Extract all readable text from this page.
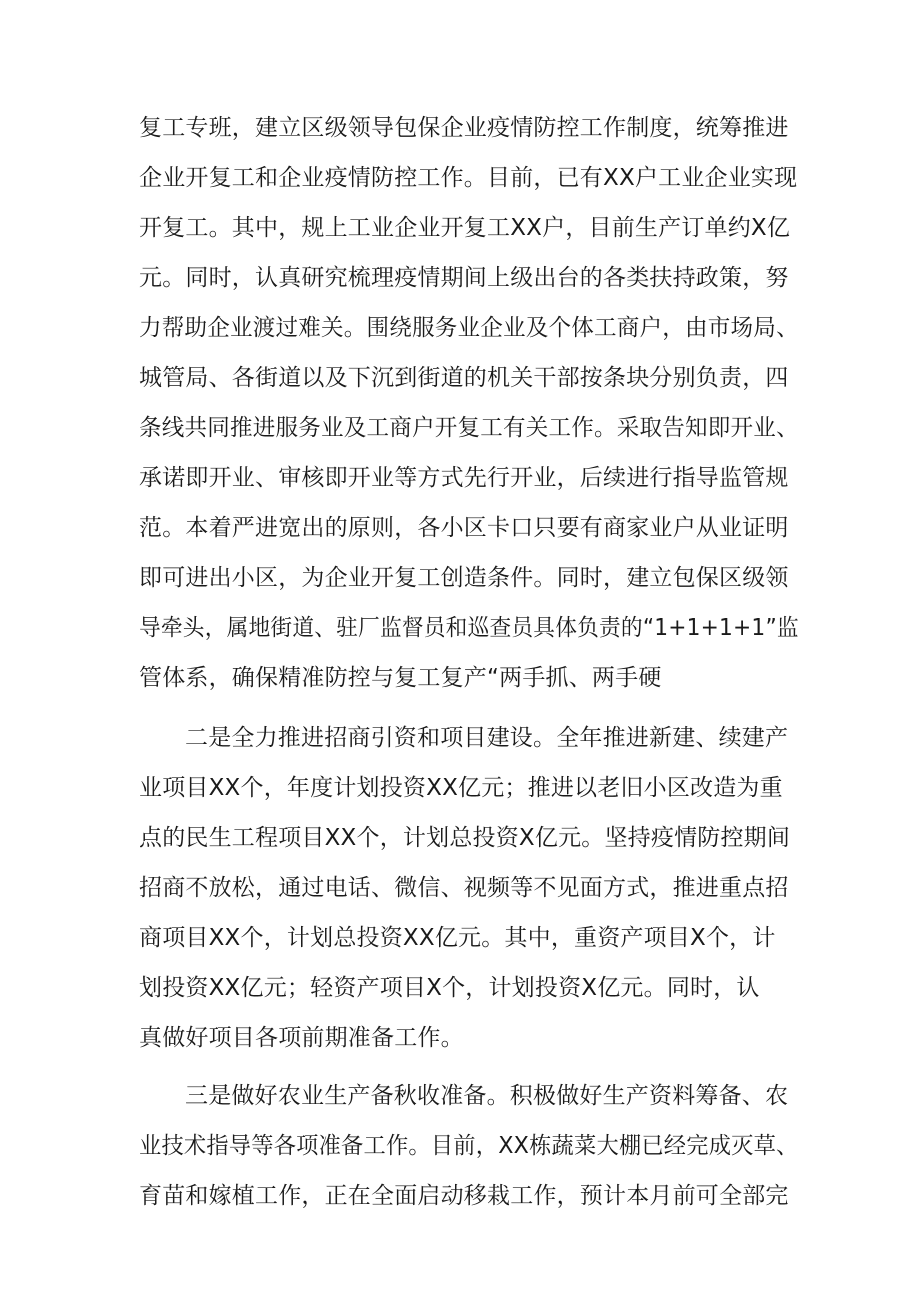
复工专班，建立区级领导包保企业疫情防控工作制度，统筹推进
企业开复工和企业疫情防控工作。目前，已有XX户工业企业实现
开复工。其中，规上工业企业开复工XX户，目前生产订单约X亿
元。同时，认真研究梳理疫情期间上级出台的各类扶持政策，努
力帮助企业渡过难关。围绕服务业企业及个体工商户，由市场局、
城管局、各街道以及下沉到街道的机关干部按条块分别负责，四
条线共同推进服务业及工商户开复工有关工作。采取告知即开业、
承诺即开业、审核即开业等方式先行开业，后续进行指导监管规
范。本着严进宽出的原则，各小区卡口只要有商家业户从业证明
即可进出小区，为企业开复工创造条件。同时，建立包保区级领
导牵头，属地街道、驻厂监督员和巡查员具体负责的“1+1+1+1”监
管体系，确保精准防控与复工复产“两手抓、两手硬
二是全力推进招商引资和项目建设。全年推进新建、续建产
业项目XX个，年度计划投资XX亿元；推进以老旧小区改造为重
点的民生工程项目XX个，计划总投资X亿元。坚持疫情防控期间
招商不放松，通过电话、微信、视频等不见面方式，推进重点招
商项目XX个，计划总投资XX亿元。其中，重资产项目X个，计
划投资XX亿元；轻资产项目X个，计划投资X亿元。同时，认
真做好项目各项前期准备工作。
三是做好农业生产备秋收准备。积极做好生产资料筹备、农
业技术指导等各项准备工作。目前，XX栋蔬菜大棚已经完成灭草、
育苗和嫁植工作，正在全面启动移栽工作，预计本月前可全部完
